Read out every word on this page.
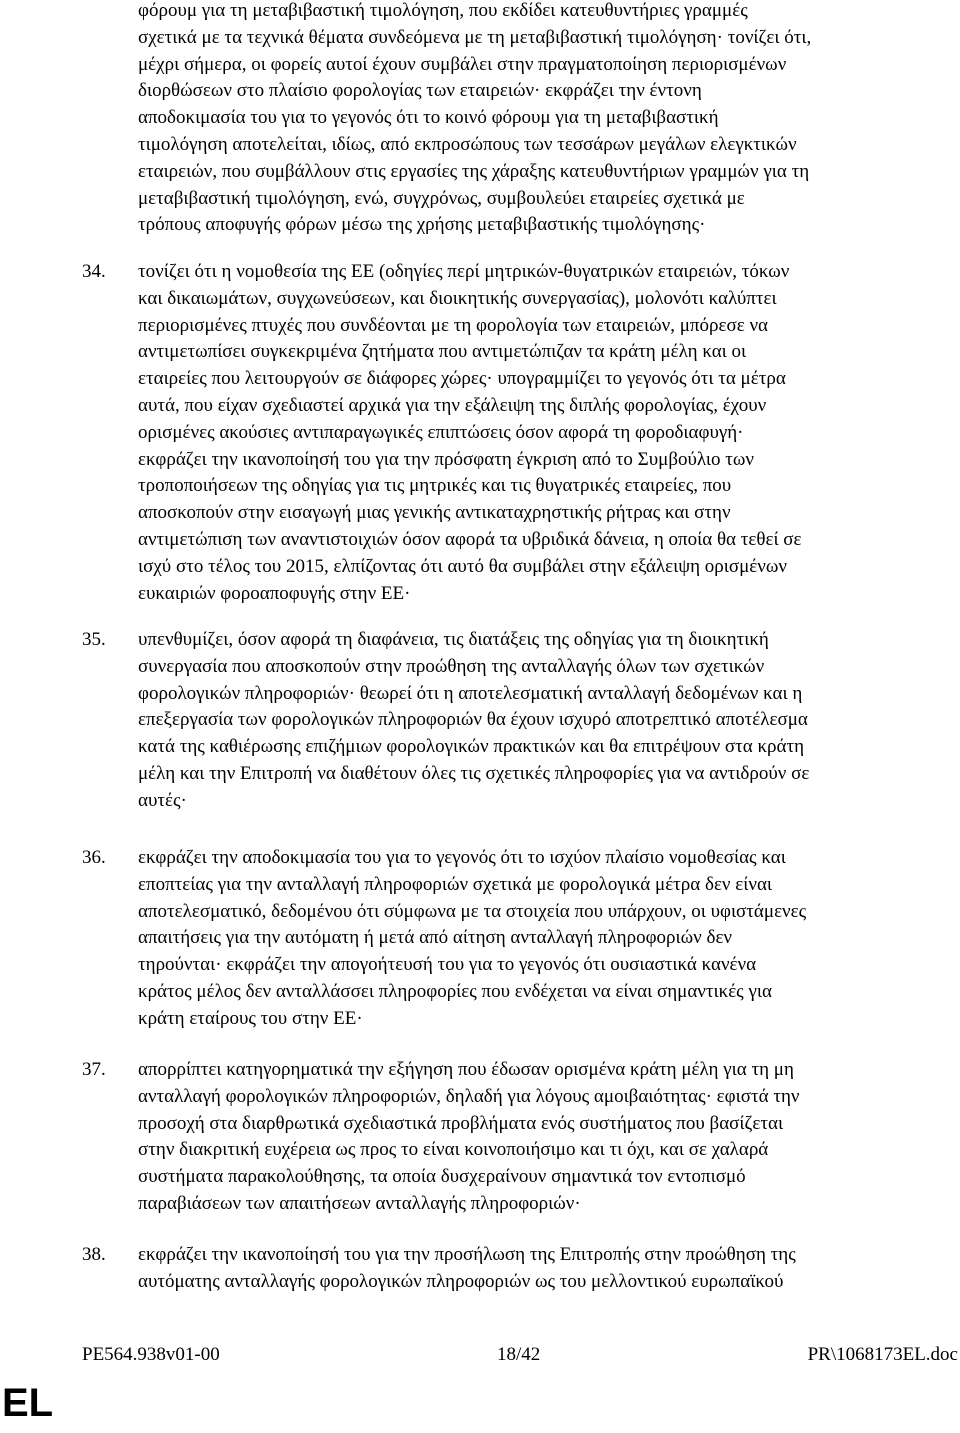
φόρουμ για τη μεταβιβαστική τιμολόγηση, που εκδίδει κατευθυντήριες γραμμές
σχετικά με τα τεχνικά θέματα συνδεόμενα με τη μεταβιβαστική τιμολόγηση· τονίζει ότι,
μέχρι σήμερα, οι φορείς αυτοί έχουν συμβάλει στην πραγματοποίηση περιορισμένων
διορθώσεων στο πλαίσιο φορολογίας των εταιρειών· εκφράζει την έντονη
αποδοκιμασία του για το γεγονός ότι το κοινό φόρουμ για τη μεταβιβαστική
τιμολόγηση αποτελείται, ιδίως, από εκπροσώπους των τεσσάρων μεγάλων ελεγκτικών
εταιρειών, που συμβάλλουν στις εργασίες της χάραξης κατευθυντήριων γραμμών για τη
μεταβιβαστική τιμολόγηση, ενώ, συγχρόνως, συμβουλεύει εταιρείες σχετικά με
τρόπους αποφυγής φόρων μέσω της χρήσης μεταβιβαστικής τιμολόγησης·
34. τονίζει ότι η νομοθεσία της ΕΕ (οδηγίες περί μητρικών-θυγατρικών εταιρειών, τόκων
και δικαιωμάτων, συγχωνεύσεων, και διοικητικής συνεργασίας), μολονότι καλύπτει
περιορισμένες πτυχές που συνδέονται με τη φορολογία των εταιρειών, μπόρεσε να
αντιμετωπίσει συγκεκριμένα ζητήματα που αντιμετώπιζαν τα κράτη μέλη και οι
εταιρείες που λειτουργούν σε διάφορες χώρες· υπογραμμίζει το γεγονός ότι τα μέτρα
αυτά, που είχαν σχεδιαστεί αρχικά για την εξάλειψη της διπλής φορολογίας, έχουν
ορισμένες ακούσιες αντιπαραγωγικές επιπτώσεις όσον αφορά τη φοροδιαφυγή·
εκφράζει την ικανοποίησή του για την πρόσφατη έγκριση από το Συμβούλιο των
τροποποιήσεων της οδηγίας για τις μητρικές και τις θυγατρικές εταιρείες, που
αποσκοπούν στην εισαγωγή μιας γενικής αντικαταχρηστικής ρήτρας και στην
αντιμετώπιση των αναντιστοιχιών όσον αφορά τα υβριδικά δάνεια, η οποία θα τεθεί σε
ισχύ στο τέλος του 2015, ελπίζοντας ότι αυτό θα συμβάλει στην εξάλειψη ορισμένων
ευκαιριών φοροαποφυγής στην ΕΕ·
35. υπενθυμίζει, όσον αφορά τη διαφάνεια, τις διατάξεις της οδηγίας για τη διοικητική
συνεργασία που αποσκοπούν στην προώθηση της ανταλλαγής όλων των σχετικών
φορολογικών πληροφοριών· θεωρεί ότι η αποτελεσματική ανταλλαγή δεδομένων και η
επεξεργασία των φορολογικών πληροφοριών θα έχουν ισχυρό αποτρεπτικό αποτέλεσμα
κατά της καθιέρωσης επιζήμιων φορολογικών πρακτικών και θα επιτρέψουν στα κράτη
μέλη και την Επιτροπή να διαθέτουν όλες τις σχετικές πληροφορίες για να αντιδρούν σε
αυτές·
36. εκφράζει την αποδοκιμασία του για το γεγονός ότι το ισχύον πλαίσιο νομοθεσίας και
εποπτείας για την ανταλλαγή πληροφοριών σχετικά με φορολογικά μέτρα δεν είναι
αποτελεσματικό, δεδομένου ότι σύμφωνα με τα στοιχεία που υπάρχουν, οι υφιστάμενες
απαιτήσεις για την αυτόματη ή μετά από αίτηση ανταλλαγή πληροφοριών δεν
τηρούνται· εκφράζει την απογοήτευσή του για το γεγονός ότι ουσιαστικά κανένα
κράτος μέλος δεν ανταλλάσσει πληροφορίες που ενδέχεται να είναι σημαντικές για
κράτη εταίρους του στην ΕΕ·
37. απορρίπτει κατηγορηματικά την εξήγηση που έδωσαν ορισμένα κράτη μέλη για τη μη
ανταλλαγή φορολογικών πληροφοριών, δηλαδή για λόγους αμοιβαιότητας· εφιστά την
προσοχή στα διαρθρωτικά σχεδιαστικά προβλήματα ενός συστήματος που βασίζεται
στην διακριτική ευχέρεια ως προς το είναι κοινοποιήσιμο και τι όχι, και σε χαλαρά
συστήματα παρακολούθησης, τα οποία δυσχεραίνουν σημαντικά τον εντοπισμό
παραβιάσεων των απαιτήσεων ανταλλαγής πληροφοριών·
38. εκφράζει την ικανοποίησή του για την προσήλωση της Επιτροπής στην προώθηση της
αυτόματης ανταλλαγής φορολογικών πληροφοριών ως του μελλοντικού ευρωπαϊκού
PE564.938v01-00	18/42	PR\1068173EL.doc
EL
